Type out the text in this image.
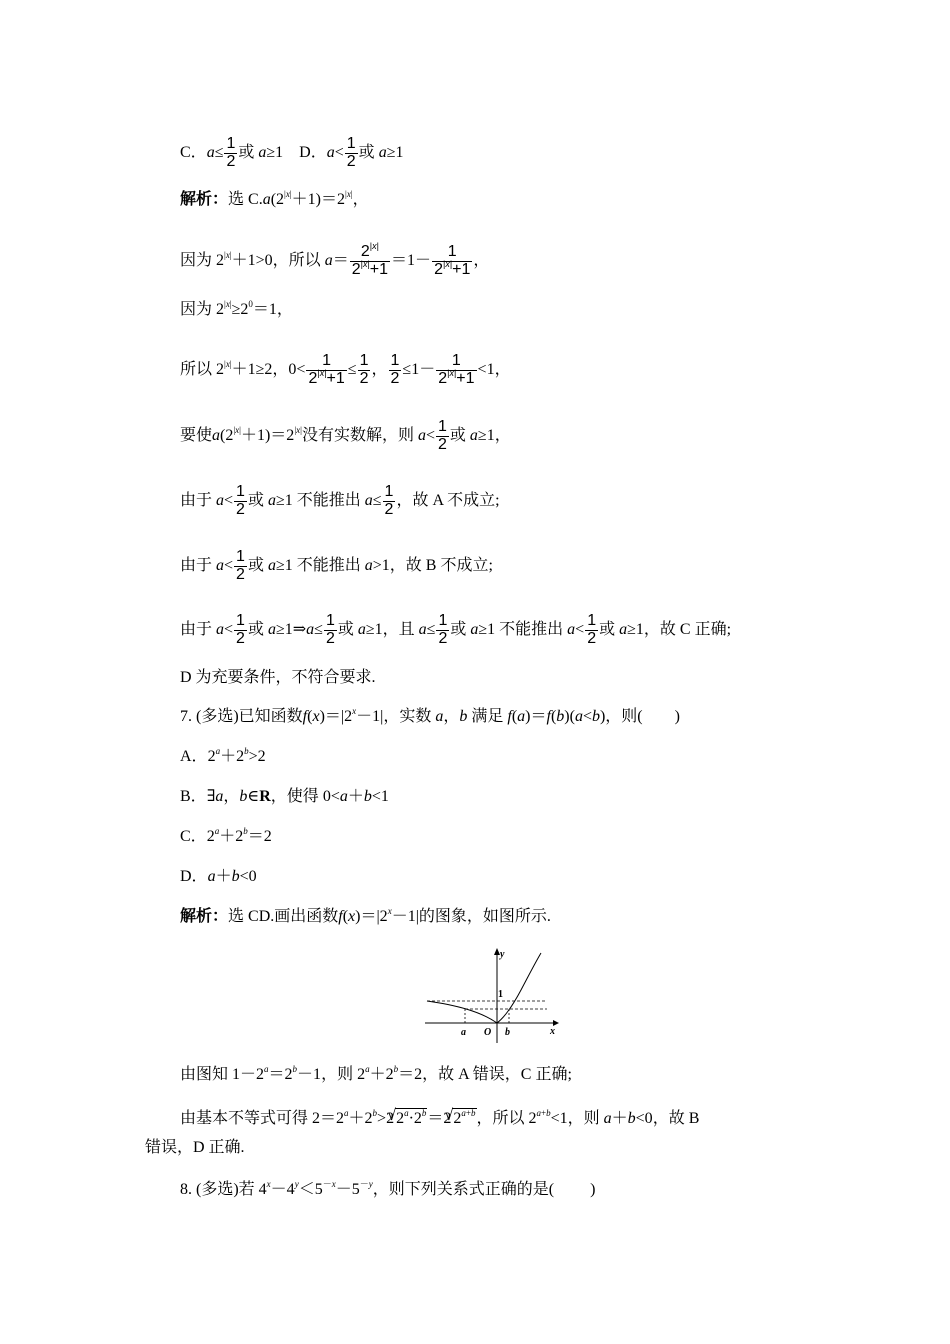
C．$a\le \frac{1}{2}$ 或 a≥1    D．$a< \frac{1}{2}$ 或 a≥1
解析：选 $C.a(2^{|x|}+1)=2^{|x|}$，
因为 $2^{|x|}+1>0$，所以 $a= \frac{2^{|x|}}{2^{|x|}+1} =1- \frac{1}{2^{|x|}+1}$ ，
因为 $2^{|x|}\ge 2^0=1$，
所以 $2^{|x|}+1\ge 2$，$0< \frac{1}{2^{|x|}+1} \le \frac{1}{2}$ ， $\frac{1}{2} \le 1- \frac{1}{2^{|x|}+1} <1$，
要使$a(2^{|x|}+1)=2^{|x|}$没有实数解，则 $a< \frac{1}{2}$ 或 a≥1，
由于 $a< \frac{1}{2}$ 或 a≥1 不能推出 $a\le \frac{1}{2}$ ，故 A 不成立;
由于 $a< \frac{1}{2}$ 或 a≥1 不能推出 a>1，故 B 不成立;
由于 $a< \frac{1}{2}$ 或 a≥1⇒a≤ $\frac{1}{2}$ 或 a≥1，且 $a\le \frac{1}{2}$ 或 a≥1 不能推出 $a< \frac{1}{2}$ 或 a≥1，故 C 正确;
D 为充要条件，不符合要求.
7. (多选)已知函数$f(x)=|2^x-1|$，实数 a，b 满足 f(a)＝f(b)(a<b)，则( )
A．$2^a+2^b>2$
B．∃a，b∈R，使得 0<a＋b<1
C．$2^a+2^b=2$
D．a＋b<0
解析：选 CD.画出函数$f(x)=|2^x-1|$的图象，如图所示.
y
1
a O b	x
由图知 $1-2^a=2^b-1$，则 $2^a+2^b=2$，故 A 错误，C 正确;
由基本不等式可得 $2=2^a+2^b>2$ √ $2^a\cdot 2^b=2$ √ $2^{a+b}$，所以 $2^{a+b}<1$，则 a＋b<0，故 B
错误，D 正确.
8. (多选)若 $4^x-4^y<5^{-x}-5^{-y}$，则下列关系式正确的是( )
